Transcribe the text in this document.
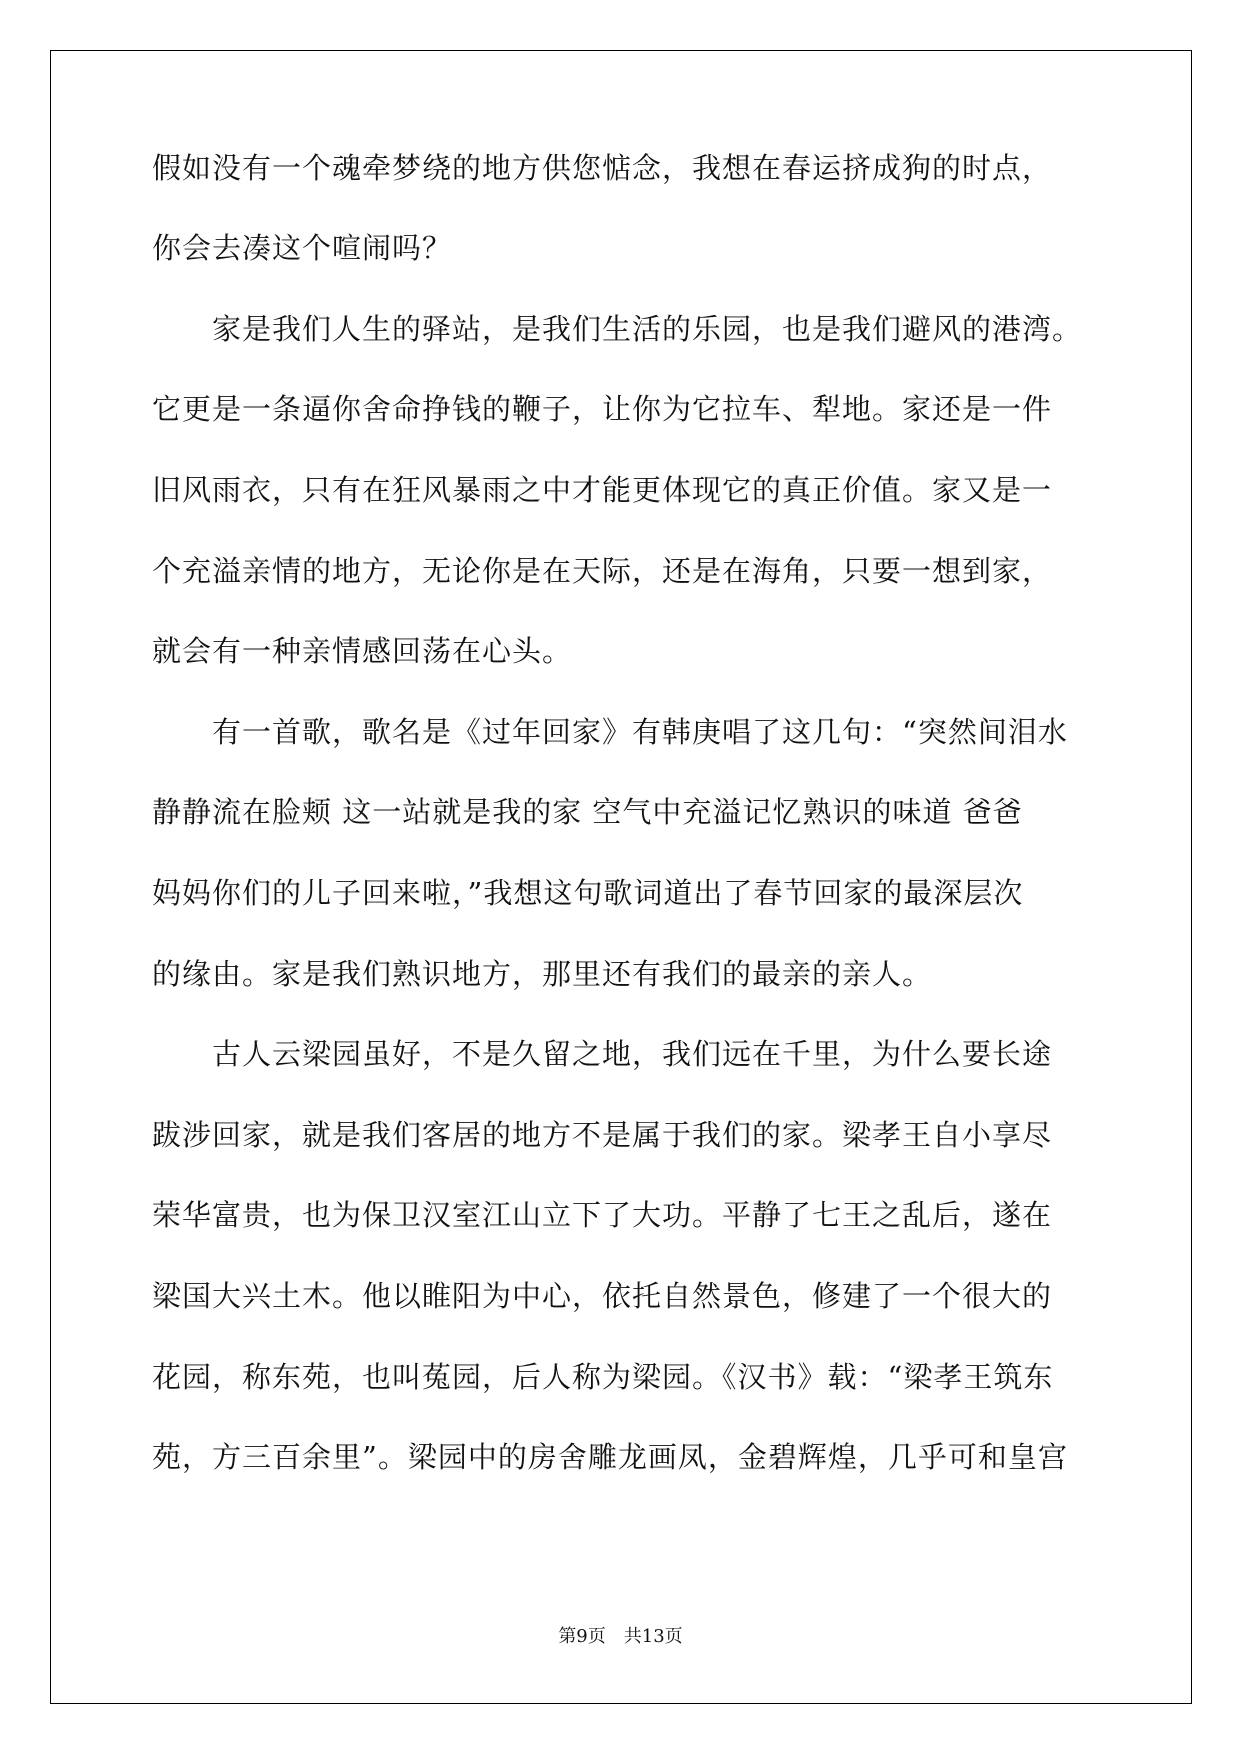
假如没有一个魂牵梦绕的地方供您惦念，我想在春运挤成狗的时点，

你会去凑这个喧闹吗？

家是我们人生的驿站，是我们生活的乐园，也是我们避风的港湾。

它更是一条逼你舍命挣钱的鞭子，让你为它拉车、犁地。家还是一件

旧风雨衣，只有在狂风暴雨之中才能更体现它的真正价值。家又是一

个充溢亲情的地方，无论你是在天际，还是在海角，只要一想到家，

就会有一种亲情感回荡在心头。

有一首歌，歌名是《过年回家》有韩庚唱了这几句：“突然间泪水

静静流在脸颊 这一站就是我的家 空气中充溢记忆熟识的味道 爸爸

妈妈你们的儿子回来啦，”我想这句歌词道出了春节回家的最深层次

的缘由。家是我们熟识地方，那里还有我们的最亲的亲人。

古人云梁园虽好，不是久留之地，我们远在千里，为什么要长途

跋涉回家，就是我们客居的地方不是属于我们的家。梁孝王自小享尽

荣华富贵，也为保卫汉室江山立下了大功。平静了七王之乱后，遂在

梁国大兴土木。他以睢阳为中心，依托自然景色，修建了一个很大的

花园，称东苑，也叫菟园，后人称为梁园。《汉书》载：“梁孝王筑东

苑，方三百余里”。梁园中的房舍雕龙画凤，金碧辉煌，几乎可和皇宫

第9页　共13页
